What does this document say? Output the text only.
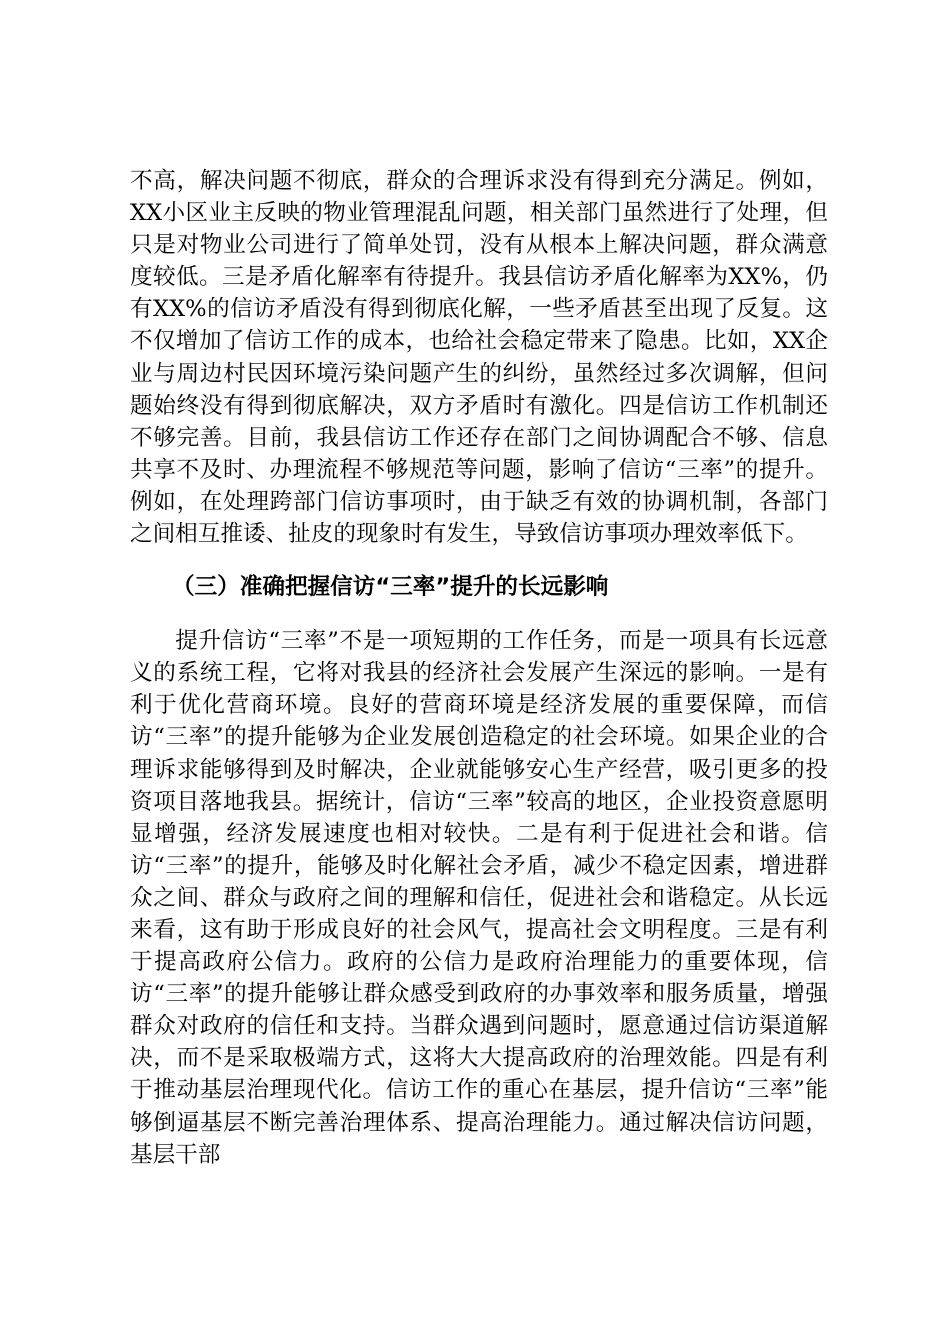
不高，解决问题不彻底，群众的合理诉求没有得到充分满足。例如，XX小区业主反映的物业管理混乱问题，相关部门虽然进行了处理，但只是对物业公司进行了简单处罚，没有从根本上解决问题，群众满意度较低。三是矛盾化解率有待提升。我县信访矛盾化解率为XX%，仍有XX%的信访矛盾没有得到彻底化解，一些矛盾甚至出现了反复。这不仅增加了信访工作的成本，也给社会稳定带来了隐患。比如，XX企业与周边村民因环境污染问题产生的纠纷，虽然经过多次调解，但问题始终没有得到彻底解决，双方矛盾时有激化。四是信访工作机制还不够完善。目前，我县信访工作还存在部门之间协调配合不够、信息共享不及时、办理流程不够规范等问题，影响了信访“三率”的提升。例如，在处理跨部门信访事项时，由于缺乏有效的协调机制，各部门之间相互推诿、扯皮的现象时有发生，导致信访事项办理效率低下。

（三）准确把握信访“三率”提升的长远影响

提升信访“三率”不是一项短期的工作任务，而是一项具有长远意义的系统工程，它将对我县的经济社会发展产生深远的影响。一是有利于优化营商环境。良好的营商环境是经济发展的重要保障，而信访“三率”的提升能够为企业发展创造稳定的社会环境。如果企业的合理诉求能够得到及时解决，企业就能够安心生产经营，吸引更多的投资项目落地我县。据统计，信访“三率”较高的地区，企业投资意愿明显增强，经济发展速度也相对较快。二是有利于促进社会和谐。信访“三率”的提升，能够及时化解社会矛盾，减少不稳定因素，增进群众之间、群众与政府之间的理解和信任，促进社会和谐稳定。从长远来看，这有助于形成良好的社会风气，提高社会文明程度。三是有利于提高政府公信力。政府的公信力是政府治理能力的重要体现，信访“三率”的提升能够让群众感受到政府的办事效率和服务质量，增强群众对政府的信任和支持。当群众遇到问题时，愿意通过信访渠道解决，而不是采取极端方式，这将大大提高政府的治理效能。四是有利于推动基层治理现代化。信访工作的重心在基层，提升信访“三率”能够倒逼基层不断完善治理体系、提高治理能力。通过解决信访问题，基层干部
